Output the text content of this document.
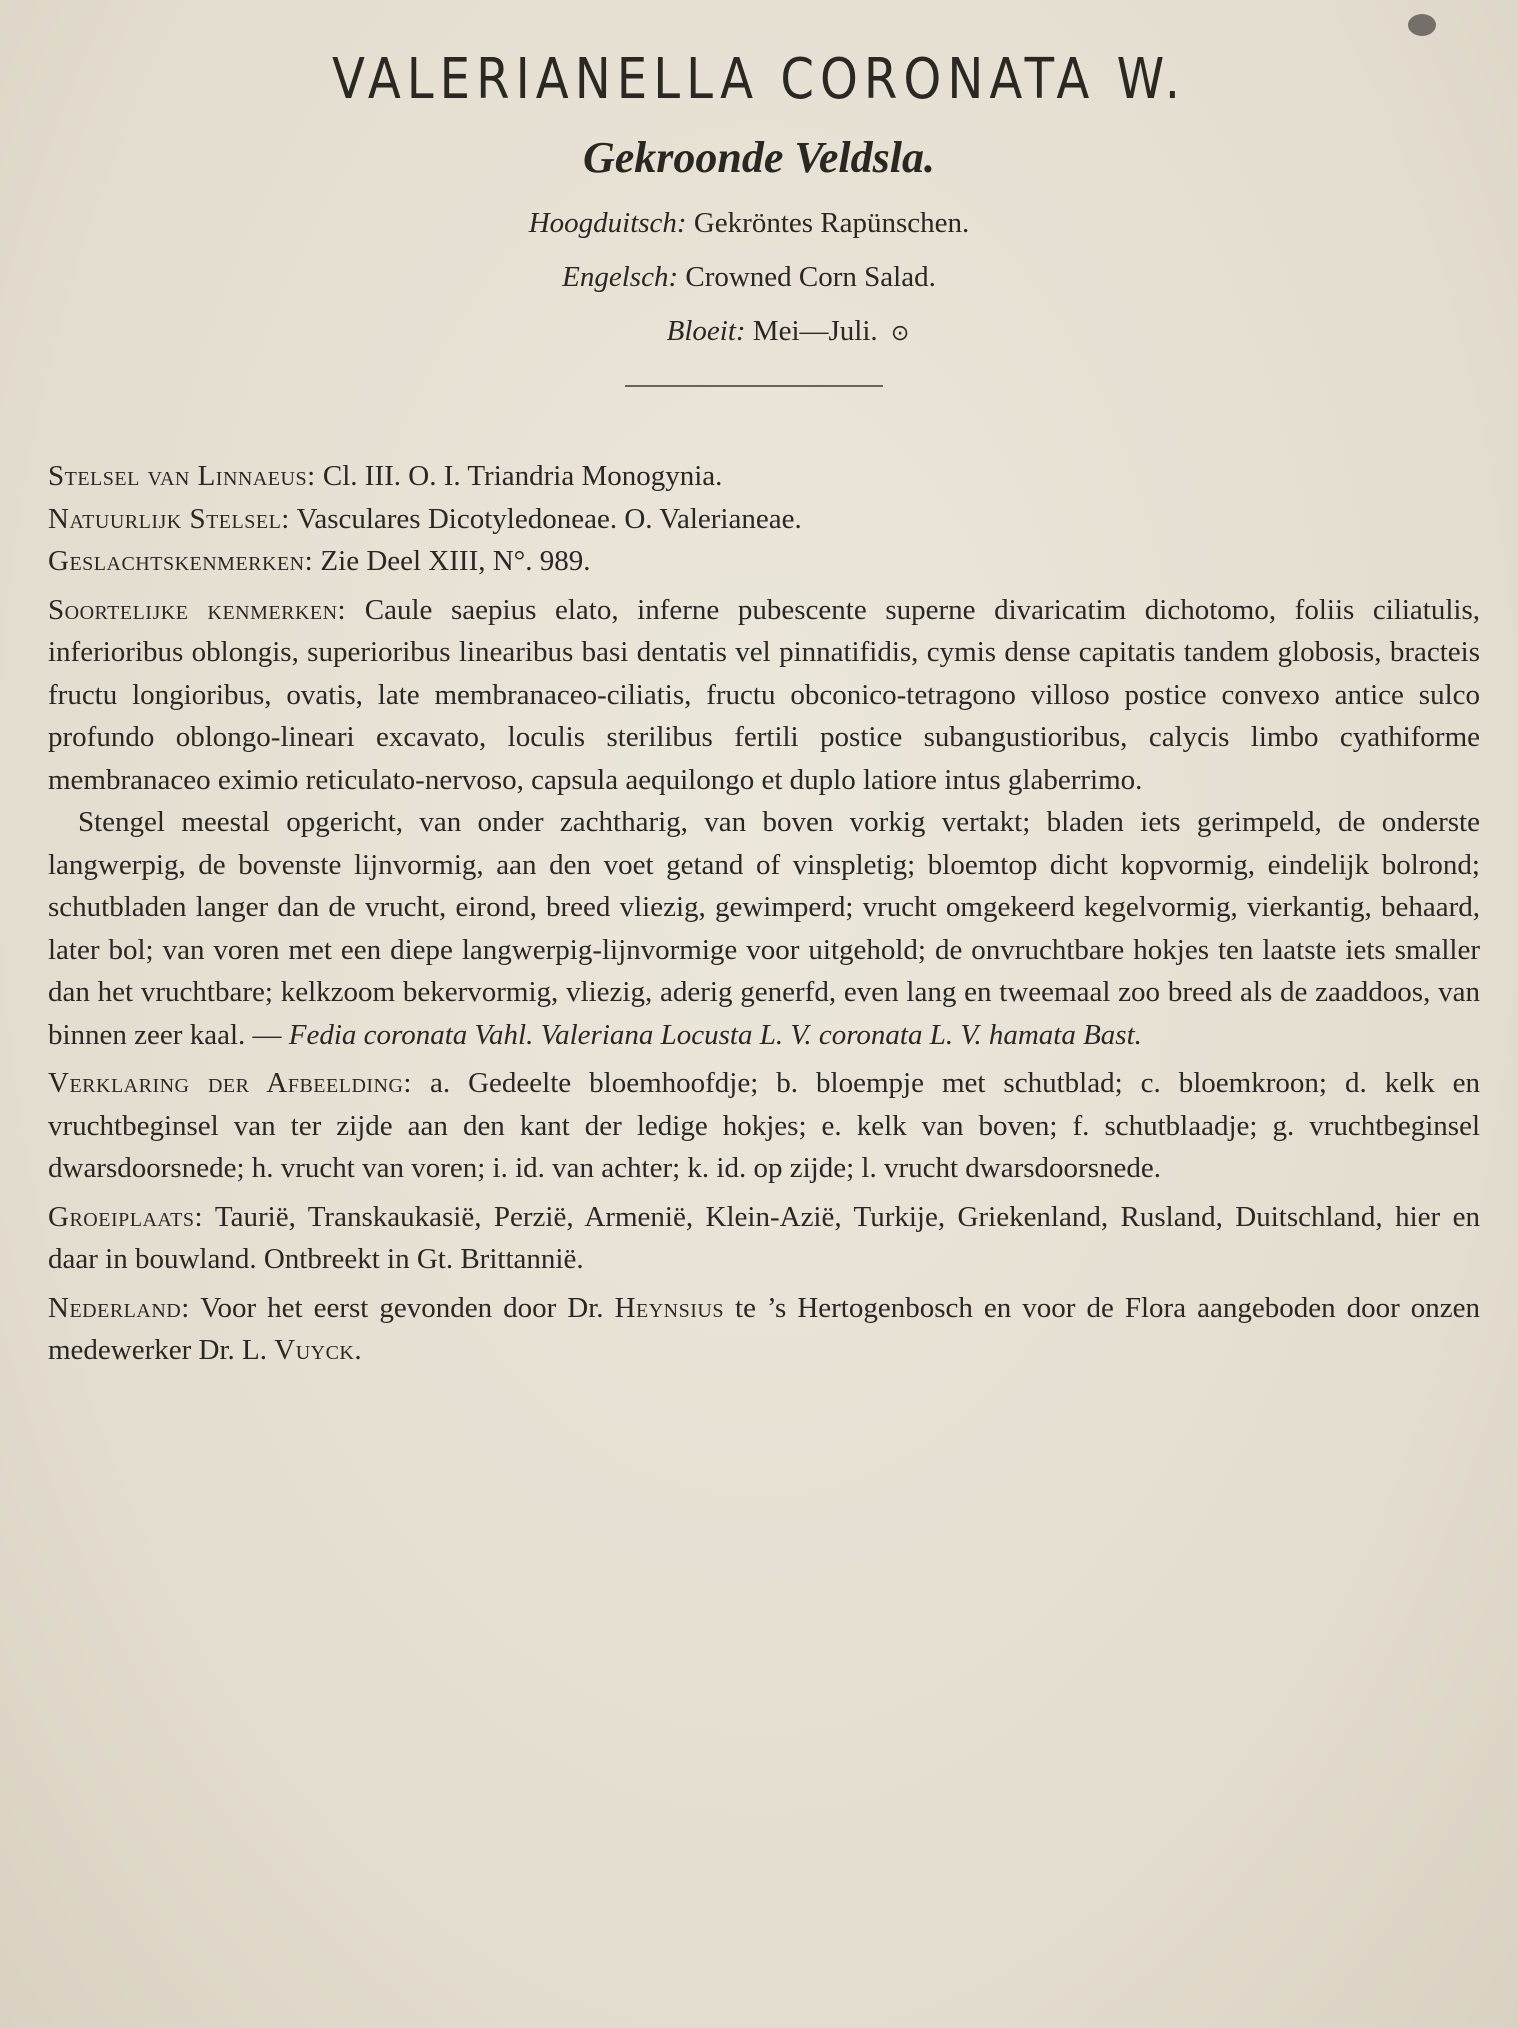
VALERIANELLA CORONATA W.
Gekroonde Veldsla.
Hoogduitsch: Gekröntes Rapünschen.
Engelsch: Crowned Corn Salad.
Bloeit: Mei—Juli. ⊙

Stelsel van Linnaeus: Cl. III. O. I. Triandria Monogynia.

Natuurlijk Stelsel: Vasculares Dicotyledoneae. O. Valerianeae.

Geslachtskenmerken: Zie Deel XIII, N°. 989.

Soortelijke kenmerken: Caule saepius elato, inferne pubescente superne divaricatim dichotomo, foliis ciliatulis, inferioribus oblongis, superioribus linearibus basi dentatis vel pinnatifidis, cymis dense capitatis tandem globosis, bracteis fructu longioribus, ovatis, late membranaceo-ciliatis, fructu obconico-tetragono villoso postice convexo antice sulco profundo oblongo-lineari excavato, loculis sterilibus fertili postice subangustioribus, calycis limbo cyathiforme membranaceo eximio reticulato-nervoso, capsula aequilongo et duplo latiore intus glaberrimo.

Stengel meestal opgericht, van onder zachtharig, van boven vorkig vertakt; bladen iets gerimpeld, de onderste langwerpig, de bovenste lijnvormig, aan den voet getand of vinspletig; bloemtop dicht kopvormig, eindelijk bolrond; schutbladen langer dan de vrucht, eirond, breed vliezig, gewimperd; vrucht omgekeerd kegelvormig, vierkantig, behaard, later bol; van voren met een diepe langwerpig-lijnvormige voor uitgehold; de onvruchtbare hokjes ten laatste iets smaller dan het vruchtbare; kelkzoom bekervormig, vliezig, aderig generfd, even lang en tweemaal zoo breed als de zaaddoos, van binnen zeer kaal. — Fedia coronata Vahl. Valeriana Locusta L. V. coronata L. V. hamata Bast.

Verklaring der Afbeelding: a. Gedeelte bloemhoofdje; b. bloempje met schutblad; c. bloemkroon; d. kelk en vruchtbeginsel van ter zijde aan den kant der ledige hokjes; e. kelk van boven; f. schutblaadje; g. vruchtbeginsel dwarsdoorsnede; h. vrucht van voren; i. id. van achter; k. id. op zijde; l. vrucht dwarsdoorsnede.

Groeiplaats: Taurië, Transkaukasië, Perzië, Armenië, Klein-Azië, Turkije, Griekenland, Rusland, Duitschland, hier en daar in bouwland. Ontbreekt in Gt. Brittannië.

Nederland: Voor het eerst gevonden door Dr. Heynsius te ’s Hertogenbosch en voor de Flora aangeboden door onzen medewerker Dr. L. Vuyck.
